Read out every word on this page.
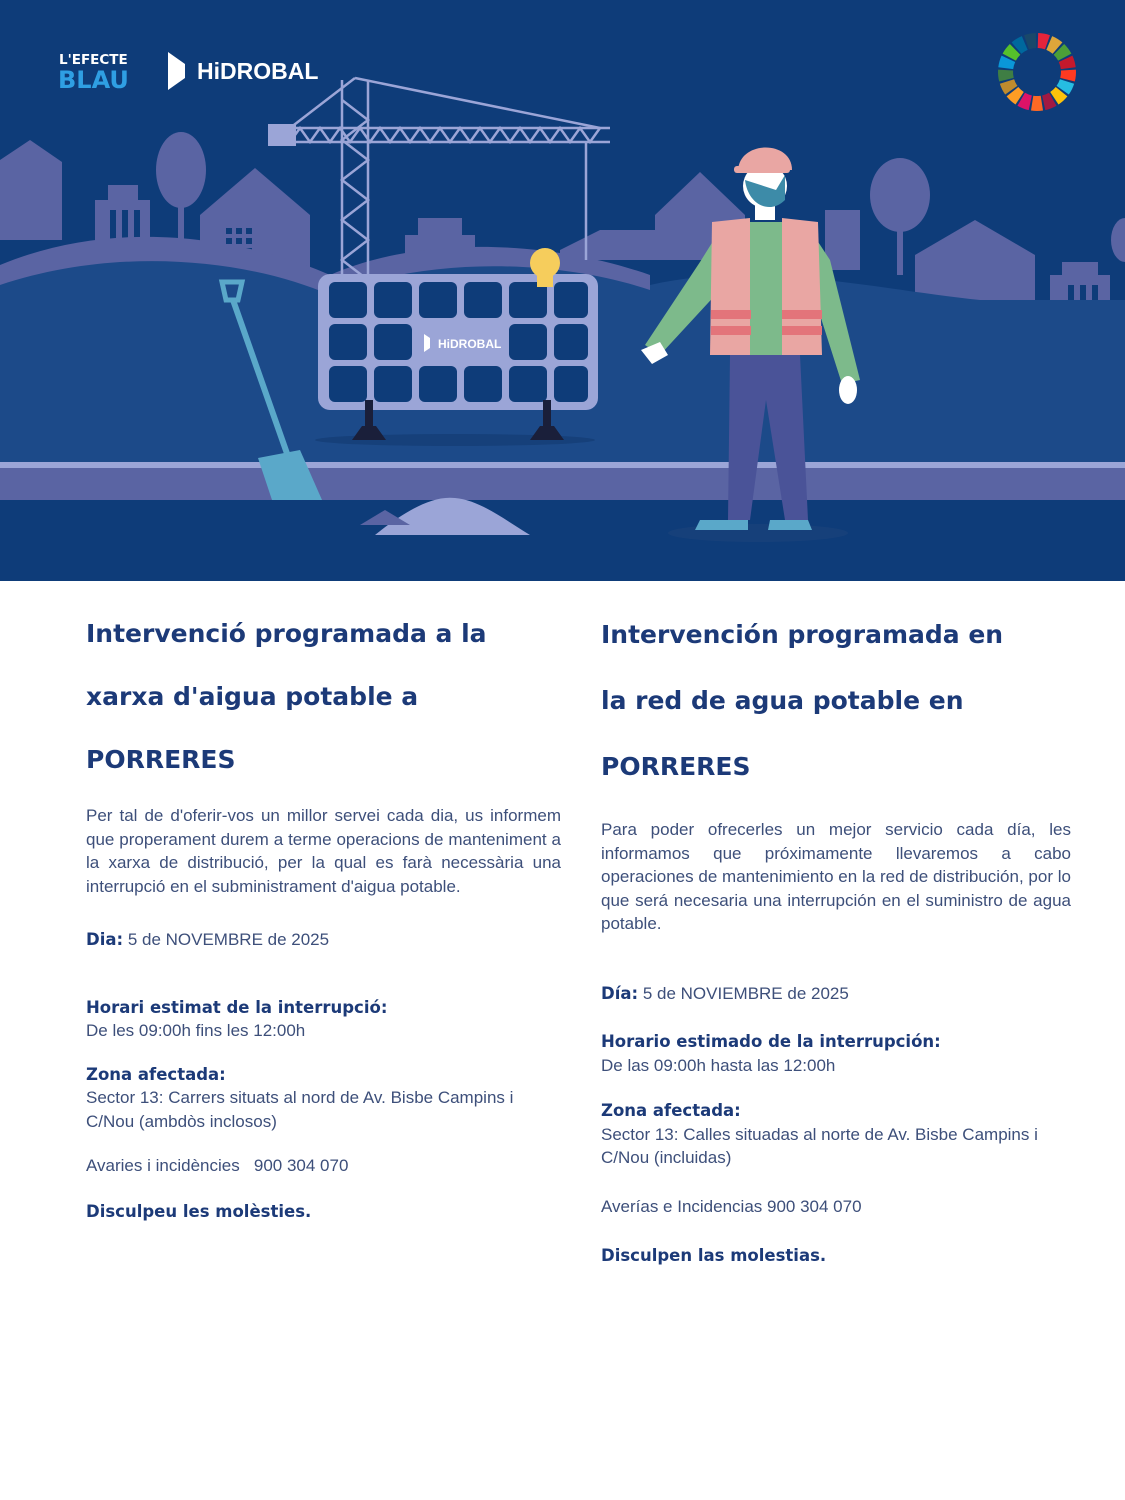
HiDROBAL
L'EFECTE
BLAU	HiDROBAL
Intervenció programada a la
xarxa d'aigua potable a
PORRERES

Per tal de d'oferir-vos un millor servei cada dia, us informem que properament durem a terme operacions de manteniment a la xarxa de distribució, per la qual es farà necessària una interrupció en el subministrament d'aigua potable.

Dia: 5 de NOVEMBRE de 2025

Horari estimat de la interrupció:
De les 09:00h fins les 12:00h

Zona afectada:
Sector 13: Carrers situats al nord de Av. Bisbe Campins i C/Nou (ambdòs inclosos)

Avaries i incidències   900 304 070

Disculpeu les molèsties.

Intervención programada en
la red de agua potable en
PORRERES

Para poder ofrecerles un mejor servicio cada día, les informamos que próximamente llevaremos a cabo operaciones de mantenimiento en la red de distribución, por lo que será necesaria una interrupción en el suministro de agua potable.

Día: 5 de NOVIEMBRE de 2025

Horario estimado de la interrupción:
De las 09:00h hasta las 12:00h

Zona afectada:
Sector 13: Calles situadas al norte de Av. Bisbe Campins i C/Nou (incluidas)

Averías e Incidencias 900 304 070

Disculpen las molestias.
